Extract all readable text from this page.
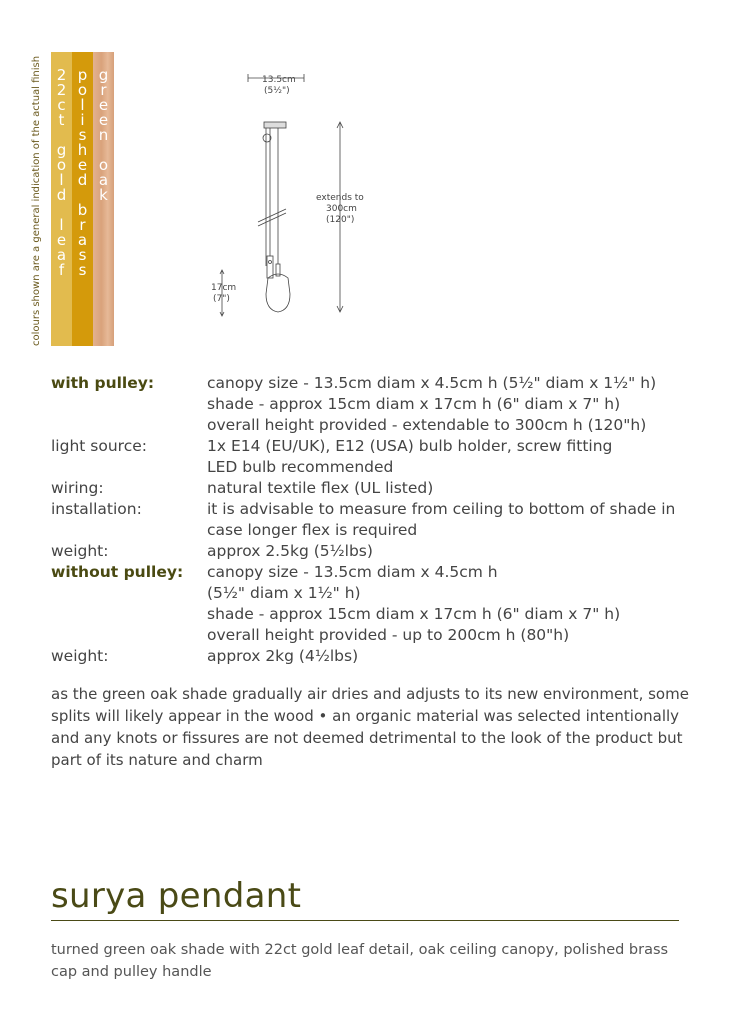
colours shown are a general indication of the actual finish 2
2
c
t

g
o
l
d

l
e
a
f
p
o
l
i
s
h
e
d

b
r
a
s
s
g
r
e
e
n

o
a
k
13.5cm
(5½")
extends to
300cm
(120")
17cm
(7")
with pulley:	canopy size - 13.5cm diam x 4.5cm h (5½" diam x 1½" h)
shade - approx 15cm diam x 17cm h (6" diam x 7" h)
overall height provided - extendable to 300cm h (120"h)
light source:	1x E14 (EU/UK), E12 (USA) bulb holder, screw fitting
LED bulb recommended
wiring:	natural textile flex (UL listed)
installation:	it is advisable to measure from ceiling to bottom of shade in
case longer flex is required
weight:	approx 2.5kg (5½lbs)
without pulley:	canopy size - 13.5cm diam x 4.5cm h
(5½" diam x 1½" h)
shade - approx 15cm diam x 17cm h (6" diam x 7" h)
overall height provided - up to 200cm h (80"h)
weight:	approx 2kg (4½lbs)
as the green oak shade gradually air dries and adjusts to its new environment, some splits will likely appear in the wood • an organic material was selected intentionally and any knots or fissures are not deemed detrimental to the look of the product but part of its nature and charm
surya pendant
turned green oak shade with 22ct gold leaf detail, oak ceiling canopy, polished brass cap and pulley handle
